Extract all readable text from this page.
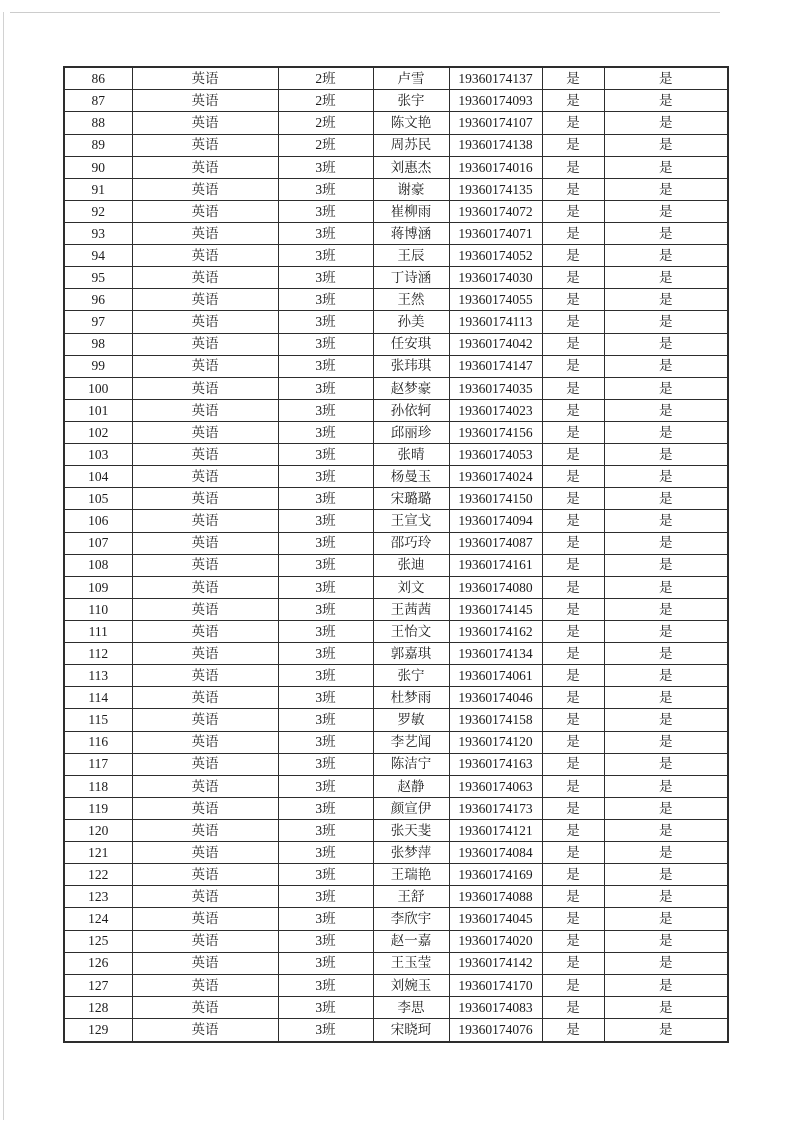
86	英语	2班	卢雪	19360174137	是	是
87	英语	2班	张宇	19360174093	是	是
88	英语	2班	陈文艳	19360174107	是	是
89	英语	2班	周苏民	19360174138	是	是
90	英语	3班	刘惠杰	19360174016	是	是
91	英语	3班	谢豪	19360174135	是	是
92	英语	3班	崔柳雨	19360174072	是	是
93	英语	3班	蒋博涵	19360174071	是	是
94	英语	3班	王辰	19360174052	是	是
95	英语	3班	丁诗涵	19360174030	是	是
96	英语	3班	王然	19360174055	是	是
97	英语	3班	孙美	19360174113	是	是
98	英语	3班	任安琪	19360174042	是	是
99	英语	3班	张玮琪	19360174147	是	是
100	英语	3班	赵梦豪	19360174035	是	是
101	英语	3班	孙依轲	19360174023	是	是
102	英语	3班	邱丽珍	19360174156	是	是
103	英语	3班	张晴	19360174053	是	是
104	英语	3班	杨曼玉	19360174024	是	是
105	英语	3班	宋璐璐	19360174150	是	是
106	英语	3班	王宣戈	19360174094	是	是
107	英语	3班	邵巧玲	19360174087	是	是
108	英语	3班	张迪	19360174161	是	是
109	英语	3班	刘文	19360174080	是	是
110	英语	3班	王茜茜	19360174145	是	是
111	英语	3班	王怡文	19360174162	是	是
112	英语	3班	郭嘉琪	19360174134	是	是
113	英语	3班	张宁	19360174061	是	是
114	英语	3班	杜梦雨	19360174046	是	是
115	英语	3班	罗敏	19360174158	是	是
116	英语	3班	李艺闻	19360174120	是	是
117	英语	3班	陈洁宁	19360174163	是	是
118	英语	3班	赵静	19360174063	是	是
119	英语	3班	颜宣伊	19360174173	是	是
120	英语	3班	张天斐	19360174121	是	是
121	英语	3班	张梦萍	19360174084	是	是
122	英语	3班	王瑞艳	19360174169	是	是
123	英语	3班	王舒	19360174088	是	是
124	英语	3班	李欣宇	19360174045	是	是
125	英语	3班	赵一嘉	19360174020	是	是
126	英语	3班	王玉莹	19360174142	是	是
127	英语	3班	刘婉玉	19360174170	是	是
128	英语	3班	李思	19360174083	是	是
129	英语	3班	宋晓珂	19360174076	是	是
